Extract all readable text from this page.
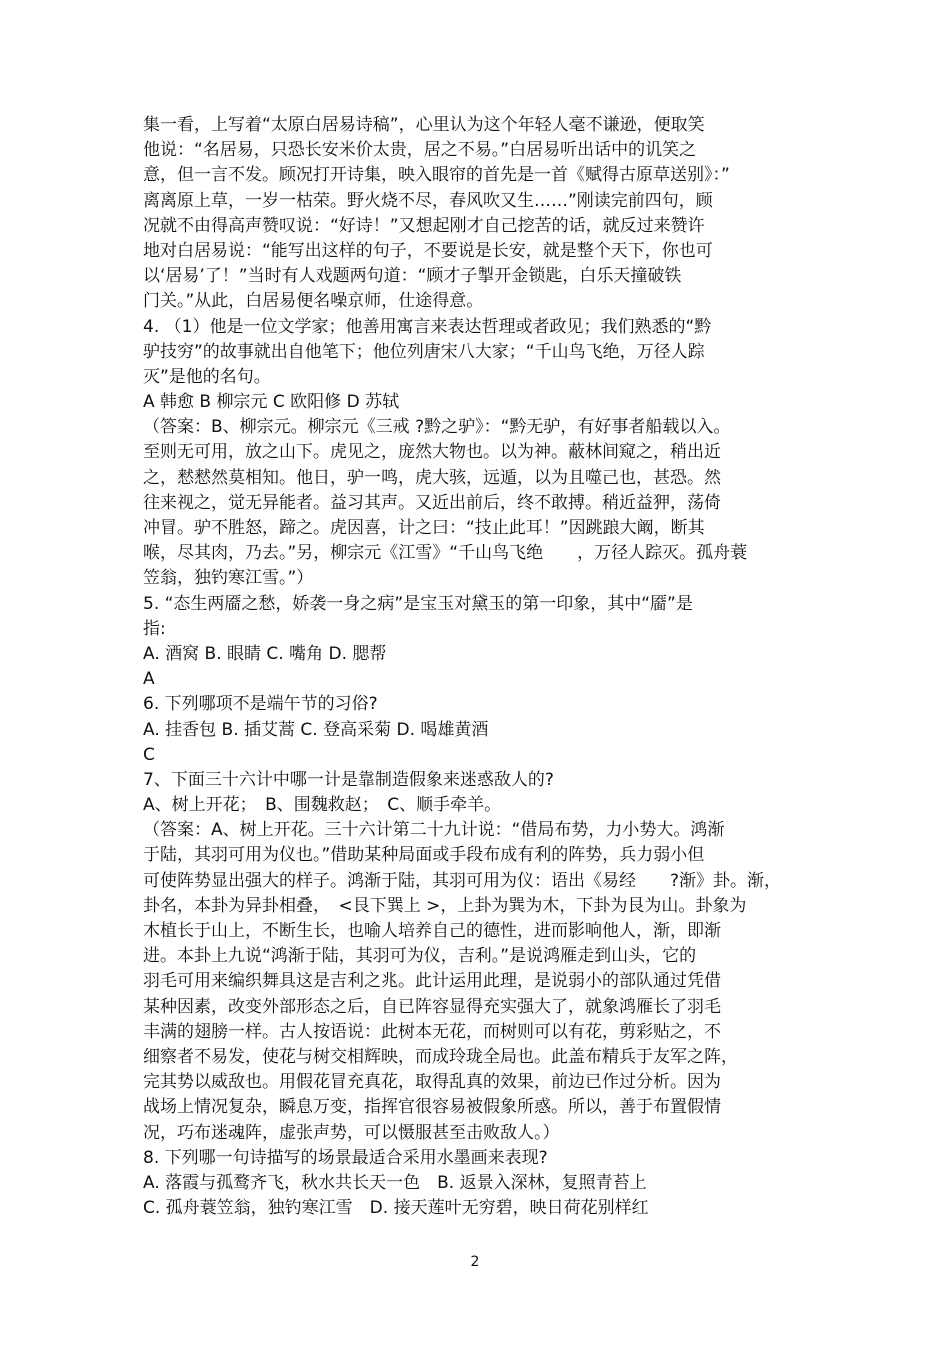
集一看，上写着“太原白居易诗稿”，心里认为这个年轻人毫不谦逊，便取笑
他说：“名居易，只恐长安米价太贵，居之不易。”白居易听出话中的讥笑之
意，但一言不发。顾况打开诗集，映入眼帘的首先是一首《赋得古原草送别》：”
离离原上草，一岁一枯荣。野火烧不尽，春风吹又生……”刚读完前四句，顾
况就不由得高声赞叹说：“好诗！”又想起刚才自己挖苦的话，就反过来赞许
地对白居易说：“能写出这样的句子，不要说是长安，就是整个天下，你也可
以‘居易’了！”当时有人戏题两句道：“顾才子掣开金锁匙，白乐天撞破铁
门关。”从此，白居易便名噪京师，仕途得意。
4. （1）他是一位文学家；他善用寓言来表达哲理或者政见；我们熟悉的“黔
驴技穷”的故事就出自他笔下；他位列唐宋八大家；“千山鸟飞绝，万径人踪
灭”是他的名句。
A 韩愈 B 柳宗元 C 欧阳修 D 苏轼
（答案：B、柳宗元。柳宗元《三戒 ?黔之驴》：“黔无驴，有好事者船载以入。
至则无可用，放之山下。虎见之，庞然大物也。以为神。蔽林间窥之，稍出近
之，慭慭然莫相知。他日，驴一鸣，虎大骇，远遁，以为且噬己也，甚恐。然
往来视之，觉无异能者。益习其声。又近出前后，终不敢搏。稍近益狎，荡倚
冲冒。驴不胜怒，蹄之。虎因喜，计之曰：“技止此耳！”因跳踉大阚，断其
喉，尽其肉，乃去。”另，柳宗元《江雪》“千山鸟飞绝　　，万径人踪灭。孤舟蓑
笠翁，独钓寒江雪。”）
5. “态生两靥之愁，娇袭一身之病”是宝玉对黛玉的第一印象，其中“靥”是
指:
A. 酒窝 B. 眼睛 C. 嘴角 D. 腮帮
A
6. 下列哪项不是端午节的习俗?
A. 挂香包 B. 插艾蒿 C. 登高采菊 D. 喝雄黄酒
C
7、下面三十六计中哪一计是靠制造假象来迷惑敌人的?
A、树上开花；　B、围魏救赵；　C、顺手牵羊。
（答案：A、树上开花。三十六计第二十九计说：“借局布势，力小势大。鸿渐
于陆，其羽可用为仪也。”借助某种局面或手段布成有利的阵势，兵力弱小但
可使阵势显出强大的样子。鸿渐于陆，其羽可用为仪：语出《易经　　?渐》卦。渐，
卦名，本卦为异卦相叠，　<艮下巽上 >，上卦为巽为木，下卦为艮为山。卦象为
木植长于山上，不断生长，也喻人培养自己的德性，进而影响他人，渐，即渐
进。本卦上九说“鸿渐于陆，其羽可为仪，吉利。”是说鸿雁走到山头，它的
羽毛可用来编织舞具这是吉利之兆。此计运用此理，是说弱小的部队通过凭借
某种因素，改变外部形态之后，自已阵容显得充实强大了，就象鸿雁长了羽毛
丰满的翅膀一样。古人按语说：此树本无花，而树则可以有花，剪彩贴之，不
细察者不易发，使花与树交相辉映，而成玲珑全局也。此盖布精兵于友军之阵，
完其势以威敌也。用假花冒充真花，取得乱真的效果，前边已作过分析。因为
战场上情况复杂，瞬息万变，指挥官很容易被假象所惑。所以，善于布置假情
况，巧布迷魂阵，虚张声势，可以慑服甚至击败敌人。）
8. 下列哪一句诗描写的场景最适合采用水墨画来表现?
A. 落霞与孤鹜齐飞，秋水共长天一色　B. 返景入深林，复照青苔上
C. 孤舟蓑笠翁，独钓寒江雪　D. 接天莲叶无穷碧，映日荷花别样红
2
